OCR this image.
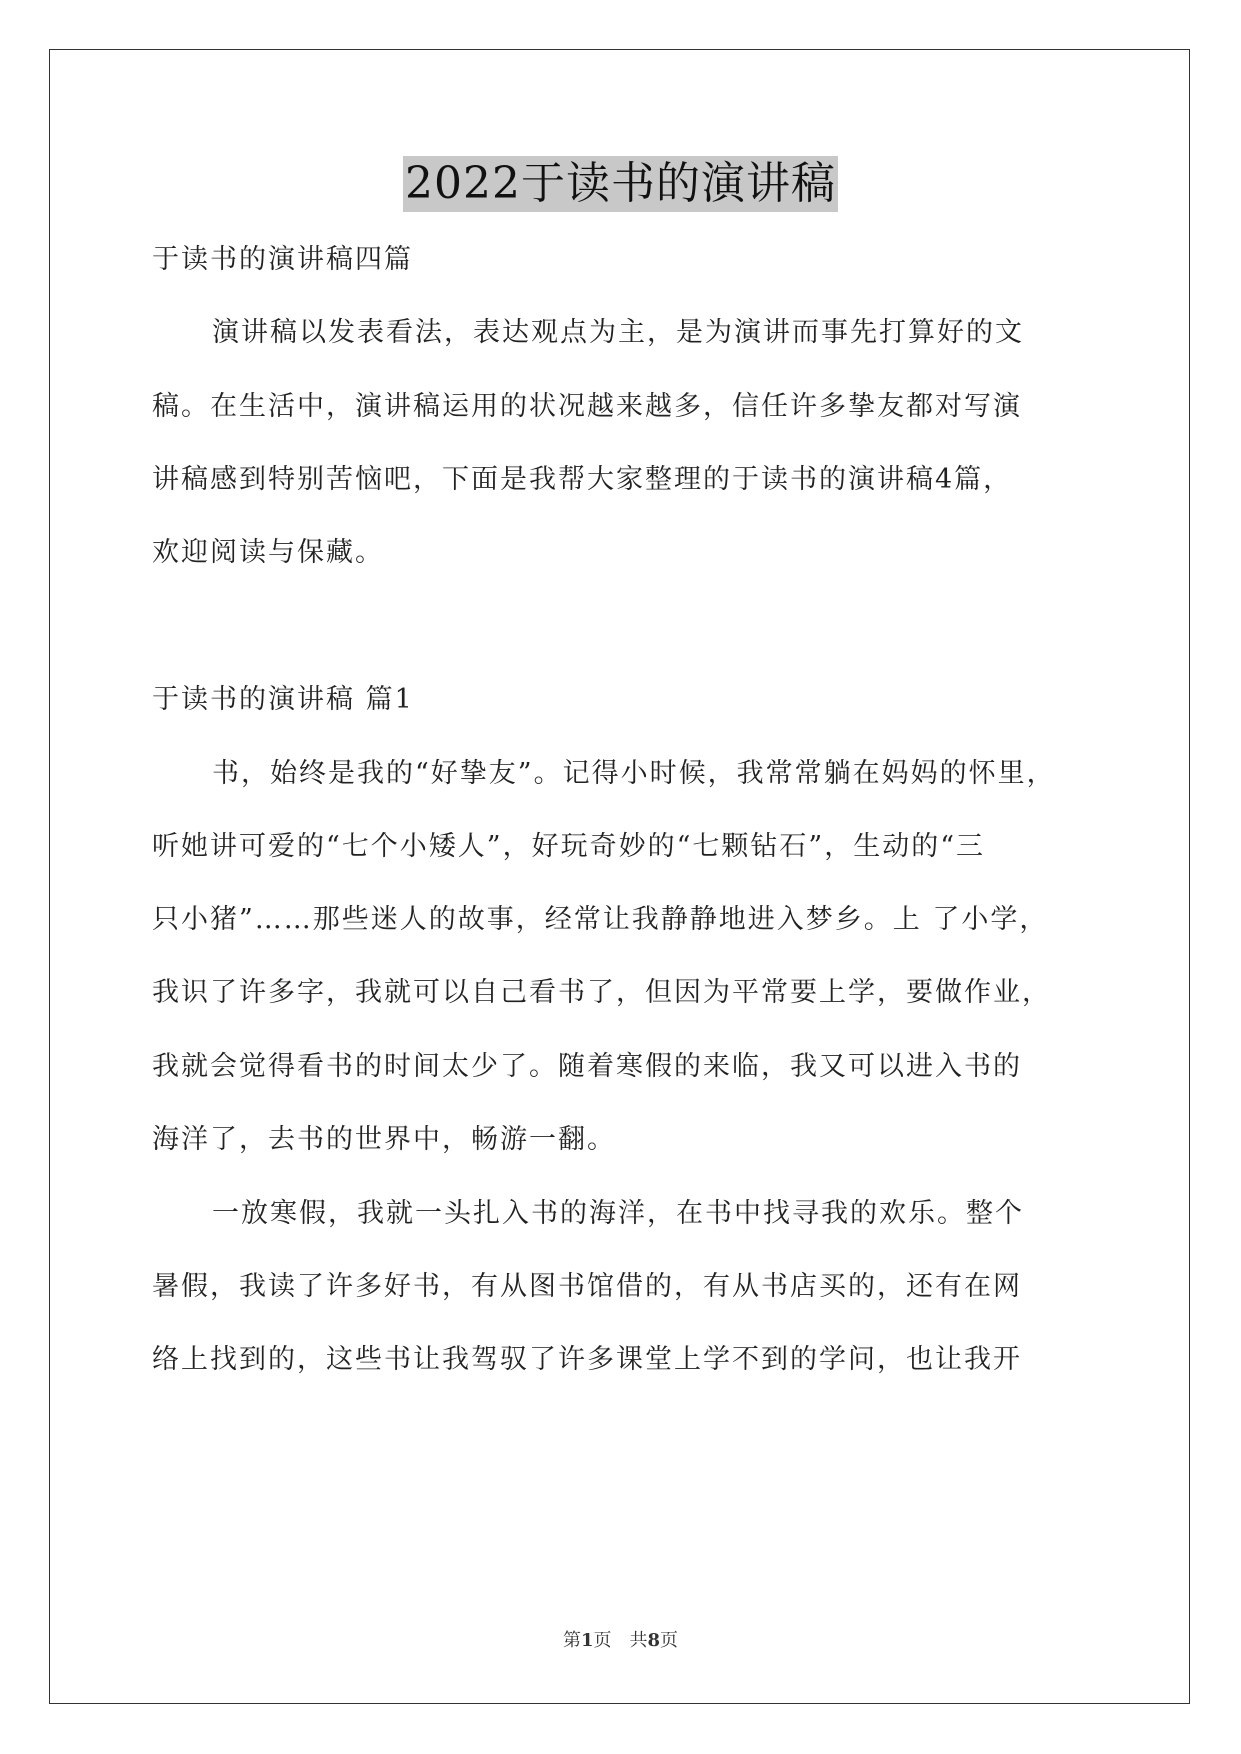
2022于读书的演讲稿
于读书的演讲稿四篇
演讲稿以发表看法，表达观点为主，是为演讲而事先打算好的文
稿。在生活中，演讲稿运用的状况越来越多，信任许多挚友都对写演
讲稿感到特别苦恼吧，下面是我帮大家整理的于读书的演讲稿4篇，
欢迎阅读与保藏。
于读书的演讲稿 篇1
书，始终是我的“好挚友”。记得小时候，我常常躺在妈妈的怀里，
听她讲可爱的“七个小矮人”，好玩奇妙的“七颗钻石”，生动的“三
只小猪”……那些迷人的故事，经常让我静静地进入梦乡。上 了小学，
我识了许多字，我就可以自己看书了，但因为平常要上学，要做作业，
我就会觉得看书的时间太少了。随着寒假的来临，我又可以进入书的
海洋了，去书的世界中，畅游一翻。
一放寒假，我就一头扎入书的海洋，在书中找寻我的欢乐。整个
暑假，我读了许多好书，有从图书馆借的，有从书店买的，还有在网
络上找到的，这些书让我驾驭了许多课堂上学不到的学问，也让我开
第1页　共8页
